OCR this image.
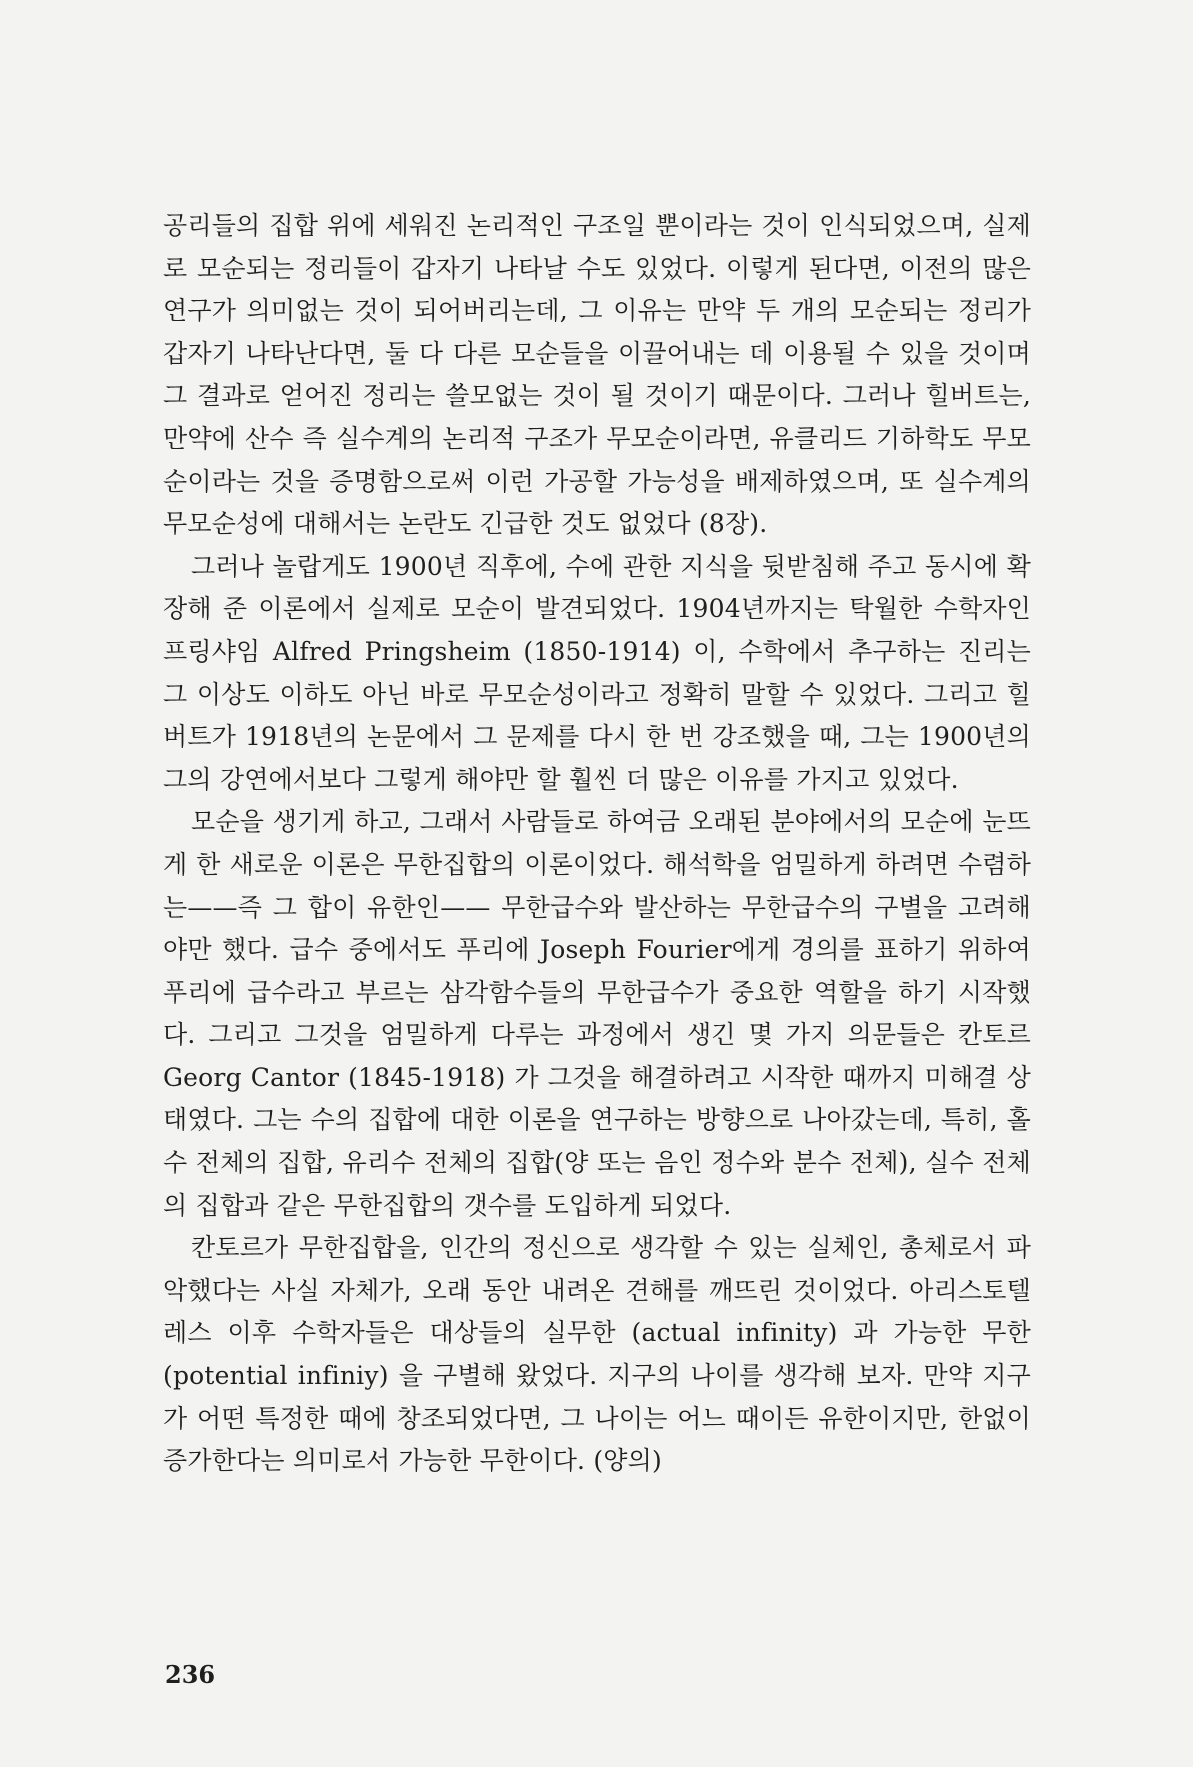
공리들의 집합 위에 세워진 논리적인 구조일 뿐이라는 것이 인식되었으며, 실제로 모순되는 정리들이 갑자기 나타날 수도 있었다. 이렇게 된다면, 이전의 많은 연구가 의미없는 것이 되어버리는데, 그 이유는 만약 두 개의 모순되는 정리가 갑자기 나타난다면, 둘 다 다른 모순들을 이끌어내는 데 이용될 수 있을 것이며 그 결과로 얻어진 정리는 쓸모없는 것이 될 것이기 때문이다. 그러나 힐버트는, 만약에 산수 즉 실수계의 논리적 구조가 무모순이라면, 유클리드 기하학도 무모순이라는 것을 증명함으로써 이런 가공할 가능성을 배제하였으며, 또 실수계의 무모순성에 대해서는 논란도 긴급한 것도 없었다 (8장).

그러나 놀랍게도 1900년 직후에, 수에 관한 지식을 뒷받침해 주고 동시에 확장해 준 이론에서 실제로 모순이 발견되었다. 1904년까지는 탁월한 수학자인 프링샤임 Alfred Pringsheim (1850-1914) 이, 수학에서 추구하는 진리는 그 이상도 이하도 아닌 바로 무모순성이라고 정확히 말할 수 있었다. 그리고 힐버트가 1918년의 논문에서 그 문제를 다시 한 번 강조했을 때, 그는 1900년의 그의 강연에서보다 그렇게 해야만 할 훨씬 더 많은 이유를 가지고 있었다.

모순을 생기게 하고, 그래서 사람들로 하여금 오래된 분야에서의 모순에 눈뜨게 한 새로운 이론은 무한집합의 이론이었다. 해석학을 엄밀하게 하려면 수렴하는——즉 그 합이 유한인—— 무한급수와 발산하는 무한급수의 구별을 고려해야만 했다. 급수 중에서도 푸리에 Joseph Fourier에게 경의를 표하기 위하여 푸리에 급수라고 부르는 삼각함수들의 무한급수가 중요한 역할을 하기 시작했다. 그리고 그것을 엄밀하게 다루는 과정에서 생긴 몇 가지 의문들은 칸토르 Georg Cantor (1845-1918) 가 그것을 해결하려고 시작한 때까지 미해결 상태였다. 그는 수의 집합에 대한 이론을 연구하는 방향으로 나아갔는데, 특히, 홀수 전체의 집합, 유리수 전체의 집합(양 또는 음인 정수와 분수 전체), 실수 전체의 집합과 같은 무한집합의 갯수를 도입하게 되었다.

칸토르가 무한집합을, 인간의 정신으로 생각할 수 있는 실체인, 총체로서 파악했다는 사실 자체가, 오래 동안 내려온 견해를 깨뜨린 것이었다. 아리스토텔레스 이후 수학자들은 대상들의 실무한 (actual infinity) 과 가능한 무한 (potential infiniy) 을 구별해 왔었다. 지구의 나이를 생각해 보자. 만약 지구가 어떤 특정한 때에 창조되었다면, 그 나이는 어느 때이든 유한이지만, 한없이 증가한다는 의미로서 가능한 무한이다. (양의)

236
